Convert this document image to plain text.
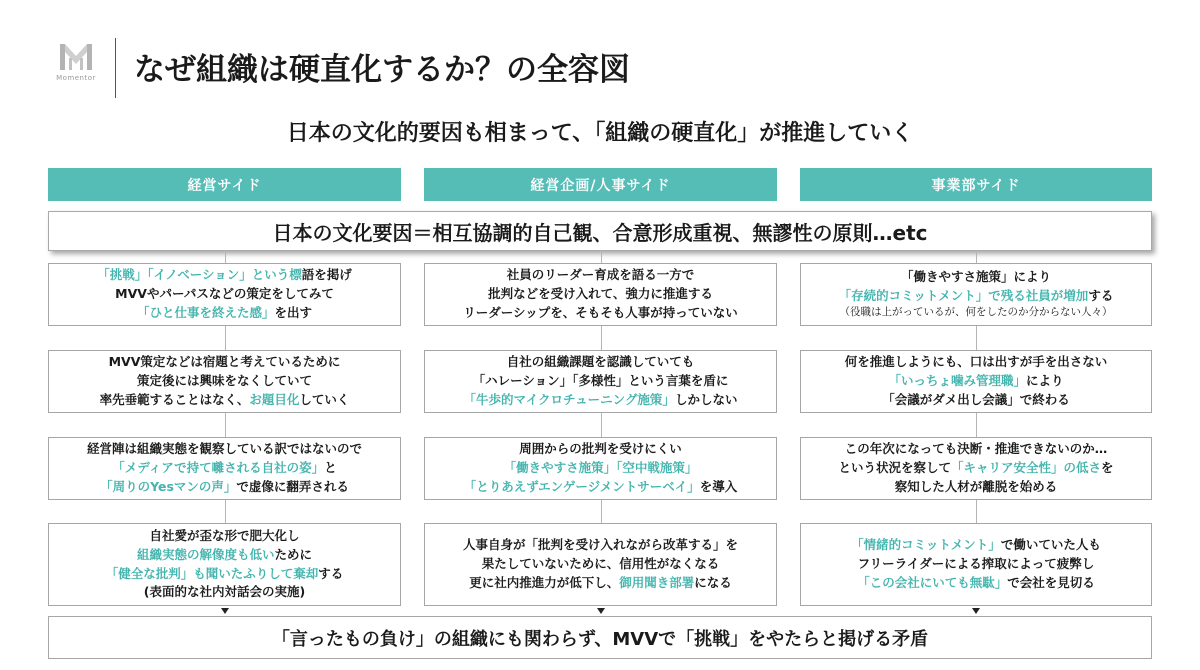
Momentor なぜ組織は硬直化するか？の全容図
日本の文化的要因も相まって、「組織の硬直化」が推進していく
経営サイド	経営企画/人事サイド	事業部サイド
日本の文化要因＝相互協調的自己観、合意形成重視、無謬性の原則…etc
「挑戦」「イノベーション」という標語を掲げ
MVVやパーパスなどの策定をしてみて
「ひと仕事を終えた感」を出す
社員のリーダー育成を語る一方で
批判などを受け入れて、強力に推進する
リーダーシップを、そもそも人事が持っていない
「働きやすさ施策」により
「存続的コミットメント」で残る社員が増加する
（役職は上がっているが、何をしたのか分からない人々）
MVV策定などは宿題と考えているために
策定後には興味をなくしていて
率先垂範することはなく、お題目化していく
自社の組織課題を認識していても
「ハレーション」「多様性」という言葉を盾に
「牛歩的マイクロチューニング施策」しかしない
何を推進しようにも、口は出すが手を出さない
「いっちょ噛み管理職」により
「会議がダメ出し会議」で終わる
経営陣は組織実態を観察している訳ではないので
「メディアで持て囃される自社の姿」と
「周りのYesマンの声」で虚像に翻弄される
周囲からの批判を受けにくい
「働きやすさ施策」「空中戦施策」
「とりあえずエンゲージメントサーベイ」を導入
この年次になっても決断・推進できないのか…
という状況を察して「キャリア安全性」の低さを
察知した人材が離脱を始める
自社愛が歪な形で肥大化し
組織実態の解像度も低いために
「健全な批判」も聞いたふりして棄却する
(表面的な社内対話会の実施)
人事自身が「批判を受け入れながら改革する」を
果たしていないために、信用性がなくなる
更に社内推進力が低下し、御用聞き部署になる
「情緒的コミットメント」で働いていた人も
フリーライダーによる搾取によって疲弊し
「この会社にいても無駄」で会社を見切る
「言ったもの負け」の組織にも関わらず、MVVで「挑戦」をやたらと掲げる矛盾
